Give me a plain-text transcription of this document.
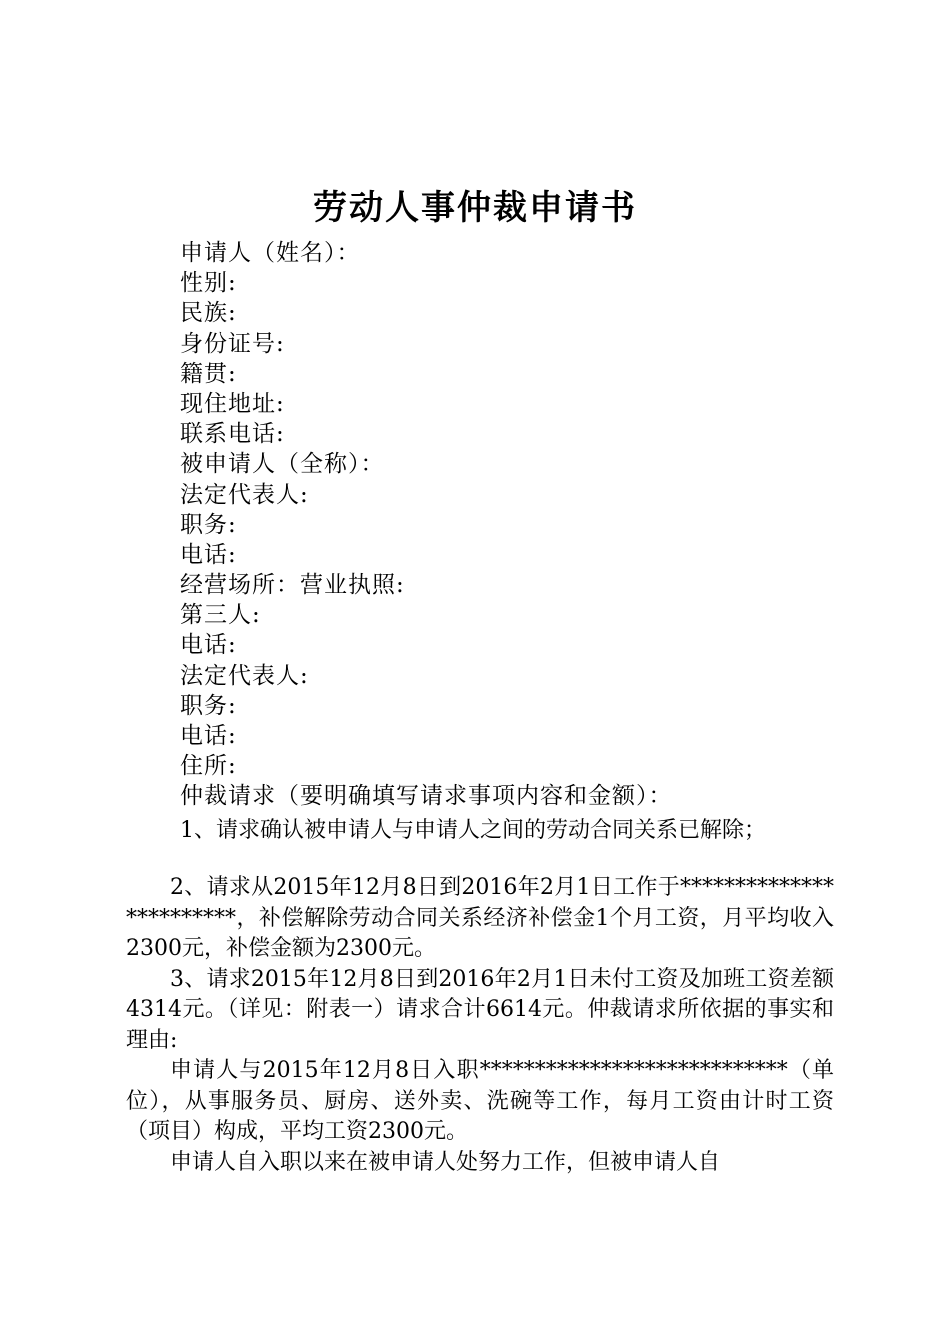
劳动人事仲裁申请书
申请人（姓名）：
性别:
民族:
身份证号:
籍贯:
现住地址:
联系电话:
被申请人（全称）：
法定代表人:
职务:
电话:
经营场所：营业执照:
第三人:
电话:
法定代表人:
职务:
电话:
住所:
仲裁请求（要明确填写请求事项内容和金额）：
1、请求确认被申请人与申请人之间的劳动合同关系已解除；

2、请求从2015年12月8日到2016年2月1日工作于************************，补偿解除劳动合同关系经济补偿金1个月工资，月平均收入2300元，补偿金额为2300元。

3、请求2015年12月8日到2016年2月1日未付工资及加班工资差额4314元。（详见：附表一）请求合计6614元。仲裁请求所依据的事实和理由:

申请人与2015年12月8日入职****************************（单位），从事服务员、厨房、送外卖、洗碗等工作，每月工资由计时工资（项目）构成，平均工资2300元。

申请人自入职以来在被申请人处努力工作，但被申请人自
